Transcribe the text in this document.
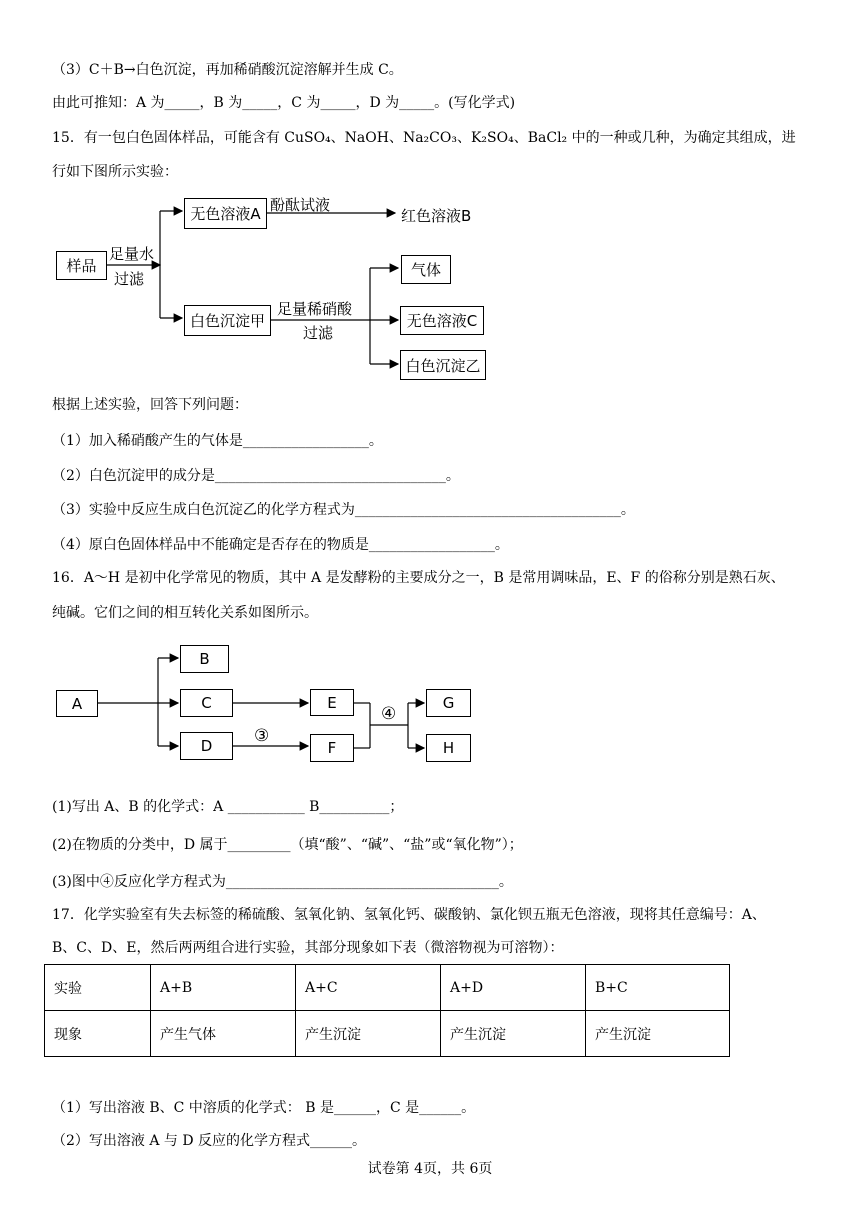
（3）C＋B→白色沉淀，再加稀硝酸沉淀溶解并生成 C。
由此可推知：A 为_____，B 为_____，C 为_____，D 为_____。(写化学式)
15．有一包白色固体样品，可能含有 CuSO₄、NaOH、Na₂CO₃、K₂SO₄、BaCl₂ 中的一种或几种，为确定其组成，进
行如下图所示实验：
样品
足量水
过滤
无色溶液A 酚酞试液
红色溶液B
白色沉淀甲
足量稀硝酸
过滤
气体
无色溶液C
白色沉淀乙
根据上述实验，回答下列问题：
（1）加入稀硝酸产生的气体是__________________。
（2）白色沉淀甲的成分是_________________________________。
（3）实验中反应生成白色沉淀乙的化学方程式为______________________________________。
（4）原白色固体样品中不能确定是否存在的物质是__________________。
16．A～H 是初中化学常见的物质，其中 A 是发酵粉的主要成分之一，B 是常用调味品，E、F 的俗称分别是熟石灰、
纯碱。它们之间的相互转化关系如图所示。
A
B
C
D	③
E
F
④
G
H
(1)写出 A、B 的化学式：A ___________ B__________；
(2)在物质的分类中，D 属于_________（填“酸”、“碱”、“盐”或“氧化物”）；
(3)图中④反应化学方程式为_______________________________________。
17．化学实验室有失去标签的稀硫酸、氢氧化钠、氢氧化钙、碳酸钠、氯化钡五瓶无色溶液，现将其任意编号：A、
B、C、D、E，然后两两组合进行实验，其部分现象如下表（微溶物视为可溶物）：
实验	A+B	A+C	A+D	B+C
现象	产生气体	产生沉淀	产生沉淀	产生沉淀
（1）写出溶液 B、C 中溶质的化学式： B 是______，C 是______。
（2）写出溶液 A 与 D 反应的化学方程式______。
试卷第 4页，共 6页
